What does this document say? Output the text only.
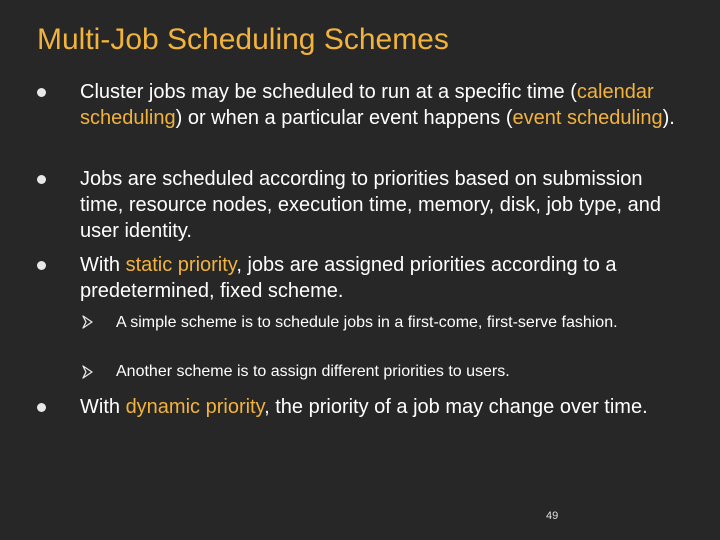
Multi-Job Scheduling Schemes
Cluster jobs may be scheduled to run at a specific time (calendar scheduling) or when a particular event happens (event scheduling).
Jobs are scheduled according to priorities based on submission time, resource nodes, execution time, memory, disk, job type, and user identity.
With static priority, jobs are assigned priorities according to a predetermined, fixed scheme.
A simple scheme is to schedule jobs in a first-come, first-serve fashion.
Another scheme is to assign different priorities to users.
With dynamic priority, the priority of a job may change over time.
49
